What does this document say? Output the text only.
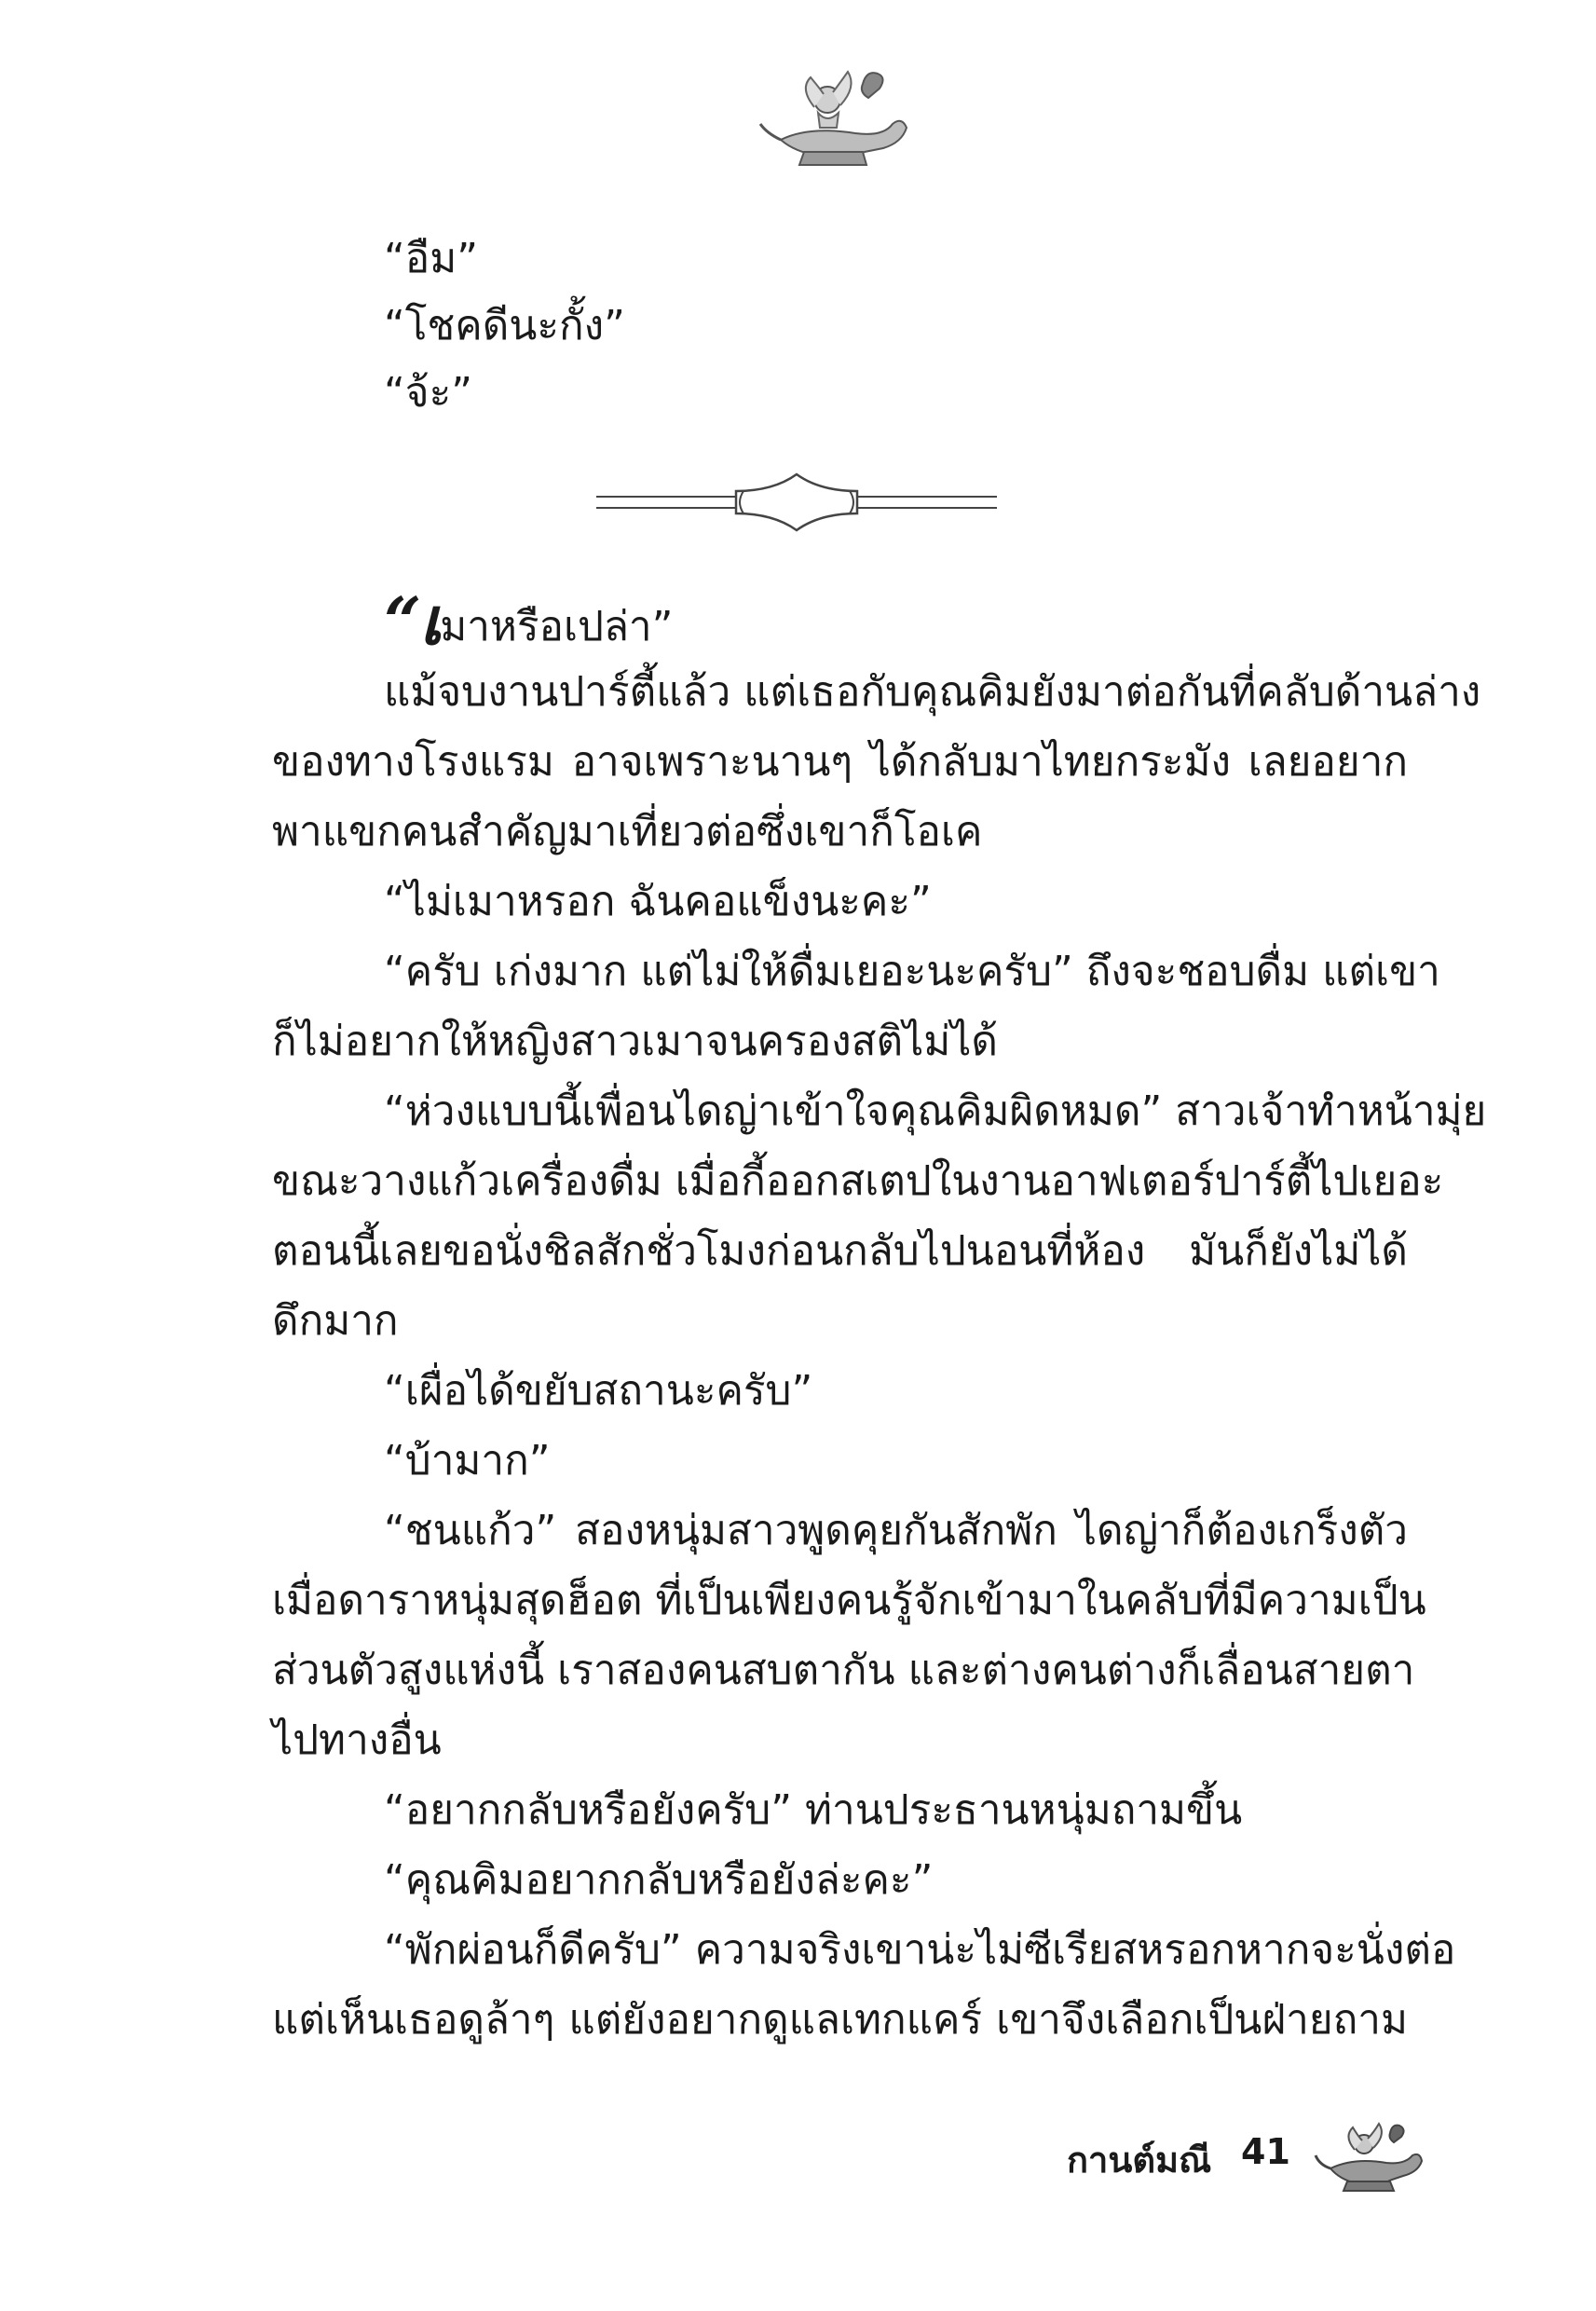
“อืม”
“โชคดีนะกั้ง”
“จ้ะ”
“เมาหรือเปล่า”
แม้จบงานปาร์ตี้แล้ว แต่เธอกับคุณคิมยังมาต่อกันที่คลับด้านล่าง
ของทางโรงแรม อาจเพราะนานๆ ได้กลับมาไทยกระมัง เลยอยาก
พาแขกคนสำคัญมาเที่ยวต่อซึ่งเขาก็โอเค
“ไม่เมาหรอก ฉันคอแข็งนะคะ”
“ครับ เก่งมาก แต่ไม่ให้ดื่มเยอะนะครับ” ถึงจะชอบดื่ม แต่เขา
ก็ไม่อยากให้หญิงสาวเมาจนครองสติไม่ได้
“ห่วงแบบนี้เพื่อนไดญ่าเข้าใจคุณคิมผิดหมด” สาวเจ้าทำหน้ามุ่ย
ขณะวางแก้วเครื่องดื่ม เมื่อกี้ออกสเตปในงานอาฟเตอร์ปาร์ตี้ไปเยอะ
ตอนนี้เลยขอนั่งชิลสักชั่วโมงก่อนกลับไปนอนที่ห้อง มันก็ยังไม่ได้
ดึกมาก
“เผื่อได้ขยับสถานะครับ”
“บ้ามาก”
“ชนแก้ว” สองหนุ่มสาวพูดคุยกันสักพัก ไดญ่าก็ต้องเกร็งตัว
เมื่อดาราหนุ่มสุดฮ็อต ที่เป็นเพียงคนรู้จักเข้ามาในคลับที่มีความเป็น
ส่วนตัวสูงแห่งนี้ เราสองคนสบตากัน และต่างคนต่างก็เลื่อนสายตา
ไปทางอื่น
“อยากกลับหรือยังครับ” ท่านประธานหนุ่มถามขึ้น
“คุณคิมอยากกลับหรือยังล่ะคะ”
“พักผ่อนก็ดีครับ” ความจริงเขาน่ะไม่ซีเรียสหรอกหากจะนั่งต่อ
แต่เห็นเธอดูล้าๆ แต่ยังอยากดูแลเทกแคร์ เขาจึงเลือกเป็นฝ่ายถาม
กานต์มณี 41
